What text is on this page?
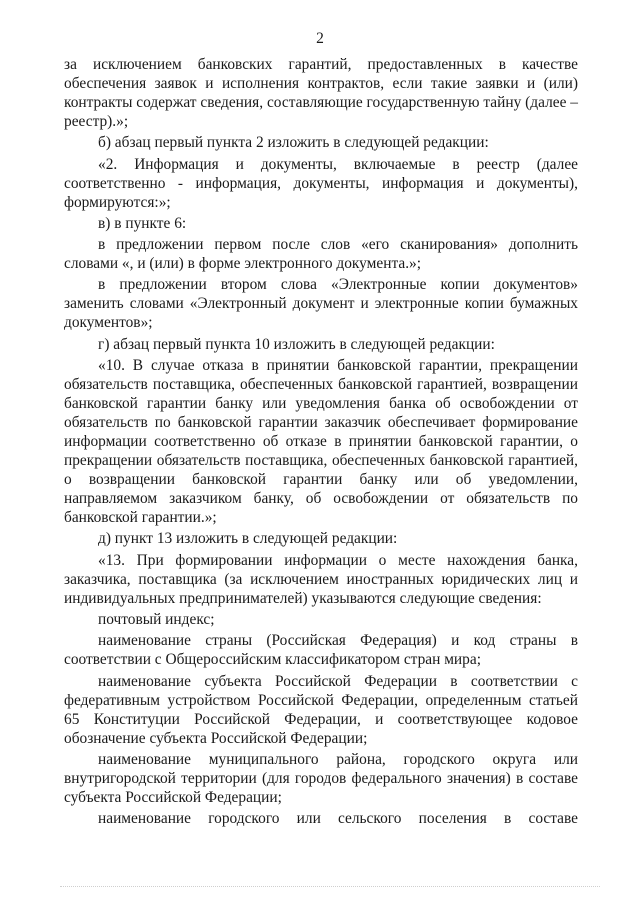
2

за исключением банковских гарантий, предоставленных в качестве обеспечения заявок и исполнения контрактов, если такие заявки и (или) контракты содержат сведения, составляющие государственную тайну (далее – реестр).»;

б) абзац первый пункта 2 изложить в следующей редакции:

«2. Информация и документы, включаемые в реестр (далее соответственно - информация, документы, информация и документы), формируются:»;

в) в пункте 6:

в предложении первом после слов «его сканирования» дополнить словами «, и (или) в форме электронного документа.»;

в предложении втором слова «Электронные копии документов» заменить словами «Электронный документ и электронные копии бумажных документов»;

г) абзац первый пункта 10 изложить в следующей редакции:

«10. В случае отказа в принятии банковской гарантии, прекращении обязательств поставщика, обеспеченных банковской гарантией, возвращении банковской гарантии банку или уведомления банка об освобождении от обязательств по банковской гарантии заказчик обеспечивает формирование информации соответственно об отказе в принятии банковской гарантии, о прекращении обязательств поставщика, обеспеченных банковской гарантией, о возвращении банковской гарантии банку или об уведомлении, направляемом заказчиком банку, об освобождении от обязательств по банковской гарантии.»;

д) пункт 13 изложить в следующей редакции:

«13. При формировании информации о месте нахождения банка, заказчика, поставщика (за исключением иностранных юридических лиц и индивидуальных предпринимателей) указываются следующие сведения:

почтовый индекс;

наименование страны (Российская Федерация) и код страны в соответствии с Общероссийским классификатором стран мира;

наименование субъекта Российской Федерации в соответствии с федеративным устройством Российской Федерации, определенным статьей 65 Конституции Российской Федерации, и соответствующее кодовое обозначение субъекта Российской Федерации;

наименование муниципального района, городского округа или внутригородской территории (для городов федерального значения) в составе субъекта Российской Федерации;

наименование городского или сельского поселения в составе
